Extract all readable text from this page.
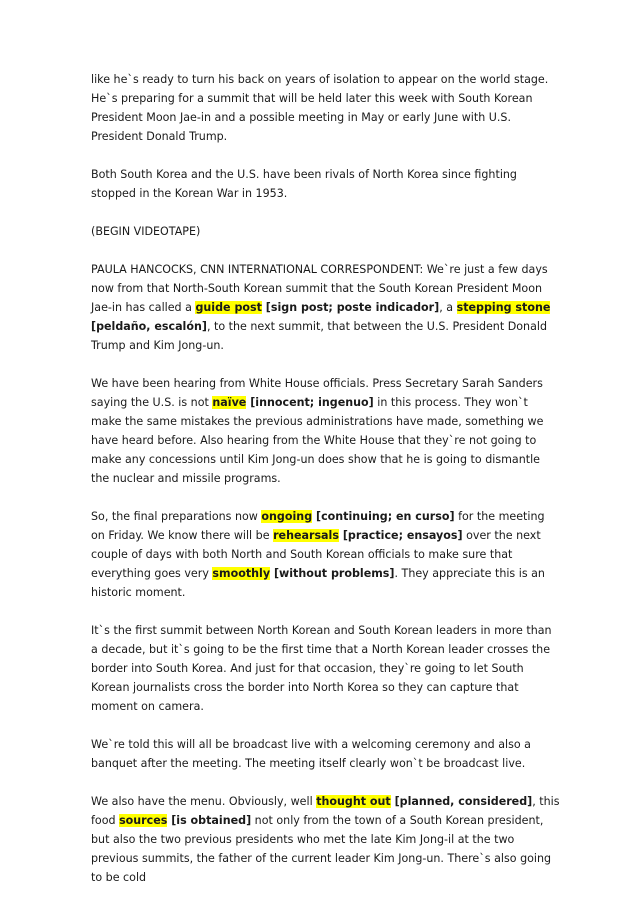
like he`s ready to turn his back on years of isolation to appear on the world stage. He`s preparing for a summit that will be held later this week with South Korean President Moon Jae-in and a possible meeting in May or early June with U.S. President Donald Trump.

Both South Korea and the U.S. have been rivals of North Korea since fighting stopped in the Korean War in 1953.

(BEGIN VIDEOTAPE)

PAULA HANCOCKS, CNN INTERNATIONAL CORRESPONDENT: We`re just a few days now from that North-South Korean summit that the South Korean President Moon Jae-in has called a guide post [sign post; poste indicador], a stepping stone [peldaño, escalón], to the next summit, that between the U.S. President Donald Trump and Kim Jong-un.

We have been hearing from White House officials. Press Secretary Sarah Sanders saying the U.S. is not naïve [innocent; ingenuo] in this process. They won`t make the same mistakes the previous administrations have made, something we have heard before. Also hearing from the White House that they`re not going to make any concessions until Kim Jong-un does show that he is going to dismantle the nuclear and missile programs.

So, the final preparations now ongoing [continuing; en curso] for the meeting on Friday. We know there will be rehearsals [practice; ensayos] over the next couple of days with both North and South Korean officials to make sure that everything goes very smoothly [without problems]. They appreciate this is an historic moment.

It`s the first summit between North Korean and South Korean leaders in more than a decade, but it`s going to be the first time that a North Korean leader crosses the border into South Korea. And just for that occasion, they`re going to let South Korean journalists cross the border into North Korea so they can capture that moment on camera.

We`re told this will all be broadcast live with a welcoming ceremony and also a banquet after the meeting. The meeting itself clearly won`t be broadcast live.

We also have the menu. Obviously, well thought out [planned, considered], this food sources [is obtained] not only from the town of a South Korean president, but also the two previous presidents who met the late Kim Jong-il at the two previous summits, the father of the current leader Kim Jong-un. There`s also going to be cold
